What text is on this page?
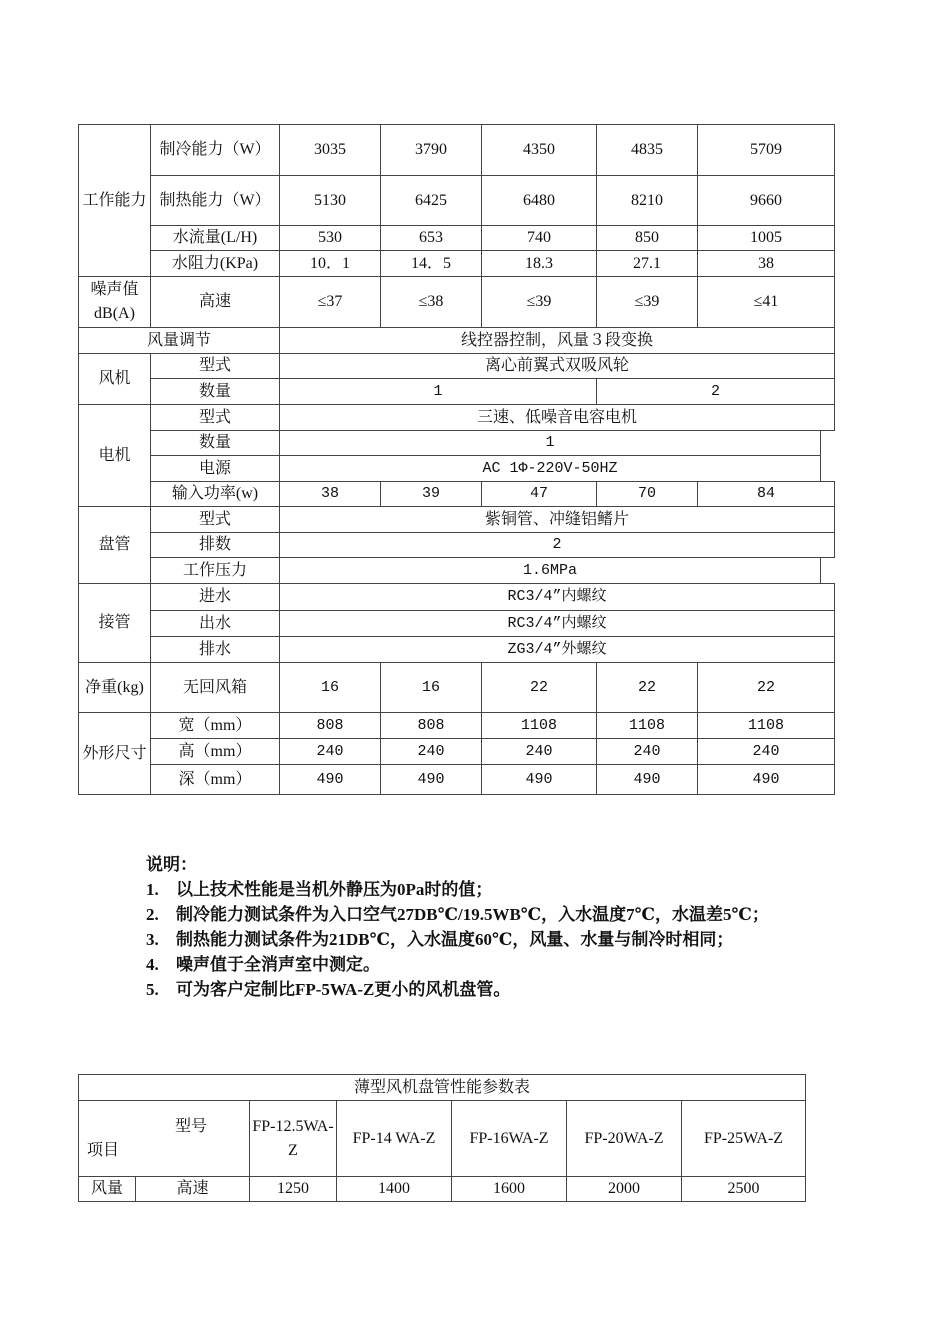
工作能力	制冷能力（W）	3035	3790	4350	4835	5709	
	制热能力（W）	5130	6425	6480	8210	9660	
	水流量(L/H)	530	653	740	850	1005	
	水阻力(KPa)	10．1	14．5	18.3	27.1	38	
噪声值dB(A)	高速	≤37	≤38	≤39	≤39	≤41	
风量调节		线控器控制，风量３段变换					
风机	型式	离心前翼式双吸风轮					
	数量	1			2		
电机	型式	三速、低噪音电容电机					
	数量	1					
	电源	AC 1Φ-220V-50HZ					
	输入功率(w)	38	39	47	70	84	
盘管	型式	紫铜管、冲缝铝鳍片					
	排数	2					
	工作压力	1.6MPa					
接管	进水	RC3/4”内螺纹					
	出水	RC3/4”内螺纹					
	排水	ZG3/4”外螺纹					
净重(kg)	无回风箱	16	16	22	22	22	
外形尺寸	宽（mm）	808	808	1108	1108	1108	
	高（mm）	240	240	240	240	240	
	深（mm）	490	490	490	490	490	
说明：
1.	以上技术性能是当机外静压为0Pa时的值；
2.	制冷能力测试条件为入口空气27DB℃/19.5WB℃，入水温度7℃，水温差5℃；
3.	制热能力测试条件为21DB℃，入水温度60℃，风量、水量与制冷时相同；
4.	噪声值于全消声室中测定。
5.	可为客户定制比FP-5WA-Z更小的风机盘管。
薄型风机盘管性能参数表						

型号
项目		FP-12.5WA-Z	FP-14 WA-Z	FP-16WA-Z	FP-20WA-Z	FP-25WA-Z
风量	高速	1250	1400	1600	2000	2500
